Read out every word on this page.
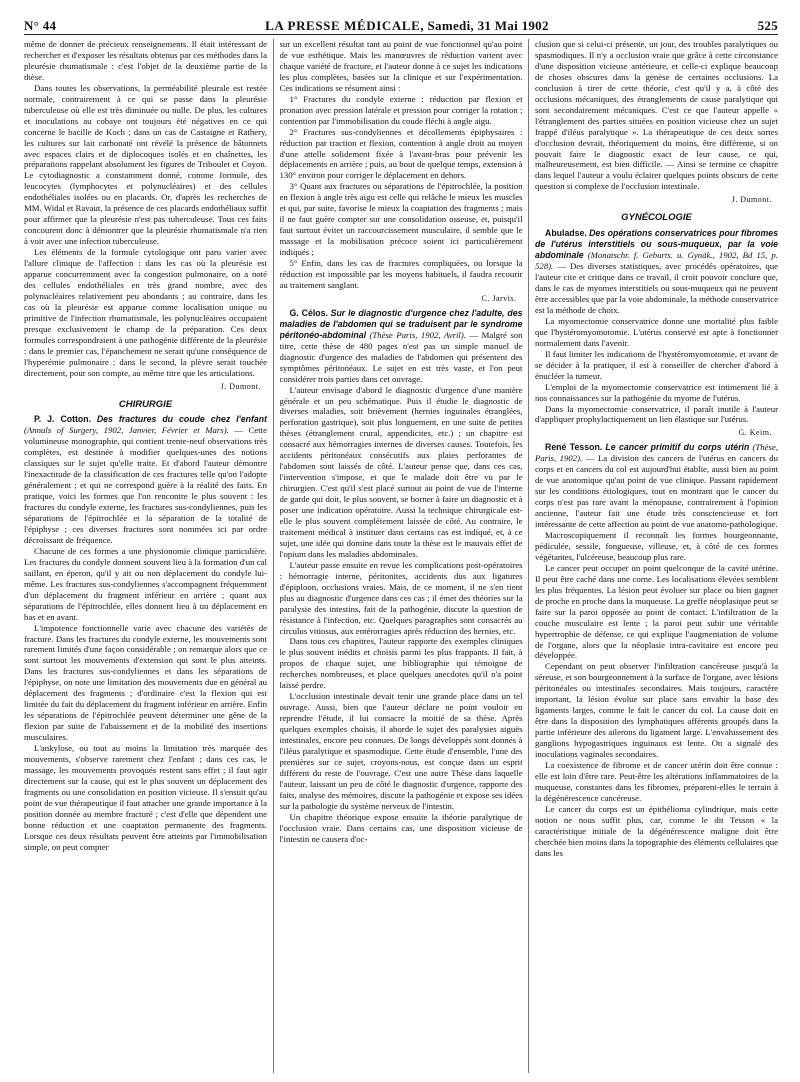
N° 44	LA PRESSE MÉDICALE, Samedi, 31 Mai 1902	525

même de donner de précieux renseignements. Il était intéressant de rechercher et d'exposer les résultats obtenus par ces méthodes dans la pleurésie rhumatismale : c'est l'objet de la deuxième partie de la thèse.

Dans toutes les observations, la perméabilité pleurale est restée normale, contrairement à ce qui se passe dans la pleurésie tuberculeuse où elle est très diminuée ou nulle. De plus, les cultures et inoculations au cobaye ont toujours été négatives en ce qui concerne le bacille de Koch ; dans un cas de Castaigne et Rathery, les cultures sur lait carbonaté ont révélé la présence de bâtonnets avec espaces clairs et de diplocoques isolés et en chaînettes, les préparations rappelant absolument les figures de Triboulet et Coyon. Le cytodiagnostic a constamment donné, comme formule, des leucocytes (lymphocytes et polynucléaires) et des cellules endothéliales isolées ou en placards. Or, d'après les recherches de MM. Widal et Ravaut, la présence de ces placards endothéliaux suffit pour affirmer que la pleurésie n'est pas tuberculeuse. Tous ces faits concourent donc à démontrer que la pleurésie rhumatismale n'a rien à voir avec une infection tuberculeuse.

Les éléments de la formule cytologique ont paru varier avec l'allure clinique de l'affection : dans les cas où la pleurésie est apparue concurremment avec la congestion pulmonaire, on a noté des cellules endothéliales en très grand nombre, avec des polynucléaires relativement peu abondants ; au contraire, dans les cas où la pleurésie est apparue comme localisation unique ou primitive de l'infection rhumatismale, les polynucléaires occupaient presque exclusivement le champ de la préparation. Ces deux formules correspondraient à une pathogénie différente de la pleurésie : dans le premier cas, l'épanchement ne serait qu'une conséquence de l'hyperémie pulmonaire ; dans le second, la plèvre serait touchée directement, pour son compte, au même titre que les articulations.

J. Dumont.
CHIRURGIE

P. J. Cotton. Des fractures du coude chez l'enfant (Annals of Surgery, 1902, Janvier, Février et Mars). — Cette volumineuse monographie, qui contient trente-neuf observations très complètes, est destinée à modifier quelques-unes des notions classiques sur le sujet qu'elle traite. Et d'abord l'auteur démontre l'inexactitude de la classification de ces fractures telle qu'on l'adopte généralement ; et qui ne correspond guère à la réalité des faits. En pratique, voici les formes que l'on rencontre le plus souvent : les fractures du condyle externe, les fractures sus-condyliennes, puis les séparations de l'épitrochlée et la séparation de la totalité de l'épiphyse ; ces diverses fractures sont nommées ici par ordre décroissant de fréquence.

Chacune de ces formes a une physionomie clinique particulière. Les fractures du condyle donnent souvent lieu à la formation d'un cal saillant, en éperon, qu'il y ait ou non déplacement du condyle lui-même. Les fractures sus-condyliennes s'accompagnent fréquemment d'un déplacement du fragment inférieur en arrière ; quant aux séparations de l'épitrochlée, elles donnent lieu à un déplacement en bas et en avant.

L'impotence fonctionnelle varie avec chacune des variétés de fracture. Dans les fractures du condyle externe, les mouvements sont rarement limités d'une façon considérable ; on remarque alors que ce sont surtout les mouvements d'extension qui sont le plus atteints. Dans les fractures sus-condyliennes et dans les séparations de l'épiphyse, on note une limitation des mouvements due en général au déplacement des fragments ; d'ordinaire c'est la flexion qui est limitée du fait du déplacement du fragment inférieur en arrière. Enfin les séparations de l'épitrochlée peuvent déterminer une gêne de la flexion par suite de l'abaissement et de la mobilité des insertions musculaires.

L'ankylose, ou tout au moins la limitation très marquée des mouvements, s'observe rarement chez l'enfant ; dans ces cas, le massage, les mouvements provoqués restent sans effet ; il faut agir directement sur la cause, qui est le plus souvent un déplacement des fragments ou une consolidation en position vicieuse. Il s'ensuit qu'au point de vue thérapeutique il faut attacher une grande importance à la position donnée au membre fracturé ; c'est d'elle que dépendent une bonne réduction et une coaptation permanente des fragments. Lorsque ces deux résultats peuvent être atteints par l'immobilisation simple, on peut compter

sur un excellent résultat tant au point de vue fonctionnel qu'au point de vue esthétique. Mais les manœuvres de réduction varient avec chaque variété de fracture, et l'auteur donne à ce sujet les indications les plus complètes, basées sur la clinique et sur l'expérimentation. Ces indications se résument ainsi :

1° Fractures du condyle externe : réduction par flexion et pronation avec pression latérale et pression pour corriger la rotation ; contention par l'immobilisation du coude fléchi à angle aigu.

2° Fractures sus-condyliennes et décollements épiphysaires : réduction par traction et flexion, contention à angle droit au moyen d'une attelle solidement fixée à l'avant-bras pour prévenir les déplacements en arrière ; puis, au bout de quelque temps, extension à 130° environ pour corriger le déplacement en dehors.

3° Quant aux fractures ou séparations de l'épitrochlée, la position en flexion à angle très aigu est celle qui relâche le mieux les muscles et qui, par suite, favorise le mieux la coaptation des fragments ; mais il ne faut guère compter sur une consolidation osseuse, et, puisqu'il faut surtout éviter un raccourcissement musculaire, il semble que le massage et la mobilisation précoce soient ici particulièrement indiqués ;

5° Enfin, dans les cas de fractures compliquées, ou lorsque la réduction est impossible par les moyens habituels, il faudra recourir au traitement sanglant.

C. Jarvis.

G. Célos. Sur le diagnostic d'urgence chez l'adulte, des maladies de l'abdomen qui se traduisent par le syndrome péritonéo-abdominal (Thèse Paris, 1902, Avril). — Malgré son titre, cette thèse de 480 pages n'est pas un simple manuel de diagnostic d'urgence des maladies de l'abdomen qui présentent des symptômes péritonéaux. Le sujet en est très vaste, et l'on peut considérer trois parties dans cet ouvrage.

L'auteur envisage d'abord le diagnostic d'urgence d'une manière générale et un peu schématique. Puis il étudie le diagnostic de diverses maladies, soit brièvement (hernies inguinales étranglées, perforation gastrique), soit plus longuement, en une suite de petites thèses (étranglement crural, appendicites, etc.) ; un chapitre est consacré aux hémorragies internes de diverses causes. Toutefois, les accidents péritonéaux consécutifs aux plaies perforantes de l'abdomen sont laissés de côté. L'auteur pense que, dans ces cas, l'intervention s'impose, et que le malade doit être vu par le chirurgien. C'est qu'il s'est placé surtout au point de vue de l'interne de garde qui doit, le plus souvent, se borner à faire un diagnostic et à poser une indication opératoire. Aussi la technique chirurgicale est-elle le plus souvent complètement laissée de côté. Au contraire, le traitement médical à instituer dans certains cas est indiqué, et, à ce sujet, une idée qui domine dans toute la thèse est le mauvais effet de l'opium dans les maladies abdominales.

L'auteur passe ensuite en revue les complications post-opératoires : hémorragie interne, péritonites, accidents dus aux ligatures d'épiploon, occlusions vraies. Mais, de ce moment, il ne s'en tient plus au diagnostic d'urgence dans ces cas ; il émet des théories sur la paralysie des intestins, fait de la pathogénie, discute la question de résistance à l'infection, etc. Quelques paragraphes sont consacrés au circulus vitiosus, aux entérorragies après réduction des hernies, etc.

Dans tous ces chapitres, l'auteur rapporte des exemples cliniques le plus souvent inédits et choisis parmi les plus frappants. Il fait, à propos de chaque sujet, une bibliographie qui témoigne de recherches nombreuses, et place quelques anecdotes qu'il n'a point laissé perdre.

L'occlusion intestinale devait tenir une grande place dans un tel ouvrage. Aussi, bien que l'auteur déclare ne point vouloir en reprendre l'étude, il lui consacre la moitié de sa thèse. Après quelques exemples choisis, il aborde le sujet des paralysies aiguës intestinales, encore peu connues. De longs développés sont donnés à l'iléus paralytique et spasmodique. Cette étude d'ensemble, l'une des premières sur ce sujet, croyons-nous, est conçue dans un esprit différent du reste de l'ouvrage. C'est une autre Thèse dans laquelle l'auteur, laissant un peu de côté le diagnostic d'urgence, rapporte des faits, analyse des mémoires, discute la pathogénie et expose ses idées sur la pathologie du système nerveux de l'intestin.

Un chapitre théorique expose ensuite la théorie paralytique de l'occlusion vraie. Dans certains cas, une disposition vicieuse de l'intestin ne causera d'oc-

clusion que si celui-ci présente, un jour, des troubles paralytiques ou spasmodiques. Il n'y a occlusion vraie que grâce à cette circonstance d'une disposition vicieuse antérieure, et celle-ci explique beaucoup de choses obscures dans la genèse de certaines occlusions. La conclusion à tirer de cette théorie, c'est qu'il y a, à côté des occlusions mécaniques, des étranglements de cause paralytique qui sont secondairement mécaniques. C'est ce que l'auteur appelle « l'étranglement des parties situées en position vicieuse chez un sujet frappé d'iléus paralytique ». La thérapeutique de ces deux sortes d'occlusion devrait, théoriquement du moins, être différente, si on pouvait faire le diagnostic exact de leur cause, ce qui, malheureusement, est bien difficile. — Ainsi se termine ce chapitre dans lequel l'auteur a voulu éclairer quelques points obscurs de cette question si complexe de l'occlusion intestinale.

J. Dumont.
GYNÉCOLOGIE

Abuladse. Des opérations conservatrices pour fibromes de l'utérus interstitiels ou sous-muqueux, par la voie abdominale (Monatschr. f. Geburts. u. Gynäk., 1902, Bd 15, p. 528). — Des diverses statistiques, avec procédés opératoires, que l'auteur cite et critique dans ce travail, il croit pouvoir conclure que, dans le cas de myomes interstitiels ou sous-muqueux qui ne peuvent être accessibles que par la voie abdominale, la méthode conservatrice est la méthode de choix.

La myomectomie conservatrice donne une mortalité plus faible que l'hystéromyomotomie. L'utérus conservé est apte à fonctionner normalement dans l'avenir.

Il faut limiter les indications de l'hystéromyomotomie, et avant de se décider à la pratiquer, il est à conseiller de chercher d'abord à énucléer la tumeur.

L'emploi de la myomectomie conservatrice est intimement lié à nos connaissances sur la pathogénie du myome de l'utérus.

Dans la myomectomie conservatrice, il paraît inutile à l'auteur d'appliquer prophylactiquement un lien élastique sur l'utérus.

G. Keim.

René Tesson. Le cancer primitif du corps utérin (Thèse, Paris, 1902). — La division des cancers de l'utérus en cancers du corps et en cancers du col est aujourd'hui établie, aussi bien au point de vue anatomique qu'au point de vue clinique. Passant rapidement sur les conditions étiologiques, tout en montrant que le cancer du corps n'est pas rare avant la ménopause, contrairement à l'opinion ancienne, l'auteur fait une étude très consciencieuse et fort intéressante de cette affection au point de vue anatomo-pathologique.

Macroscopiquement il reconnaît les formes bourgeonnante, pédiculée, sessile, fongueuse, villeuse, et, à côté de ces formes végétantes, l'ulcéreuse, beaucoup plus rare.

Le cancer peut occuper un point quelconque de la cavité utérine. Il peut être caché dans une corne. Les localisations élevées semblent les plus fréquentes. La lésion peut évoluer sur place ou bien gagner de proche en proche dans la muqueuse. La greffe néoplasique peut se faire sur la paroi opposée au point de contact. L'infiltration de la couche musculaire est lente ; la paroi peut subir une véritable hypertrophie de défense, ce qui explique l'augmentation de volume de l'organe, alors que la néoplasie intra-cavitaire est encore peu développée.

Cependant on peut observer l'infiltration cancéreuse jusqu'à la séreuse, et son bourgeonnement à la surface de l'organe, avec lésions péritonéales ou intestinales secondaires. Mais toujours, caractère important, la lésion évolue sur place sans envahir la base des ligaments larges, comme le fait le cancer du col. La cause doit en être dans la disposition des lymphatiques afférents groupés dans la partie inférieure des ailerons du ligament large. L'envahissement des ganglions hypogastriques inguinaux est lente. On a signalé des inoculations vaginales secondaires.

La coexistence de fibrome et de cancer utérin doit être connue : elle est loin d'être rare. Peut-être les altérations inflammatoires de la muqueuse, constantes dans les fibromes, préparent-elles le terrain à la dégénérescence cancéreuse.

Le cancer du corps est un épithélioma cylindrique, mais cette notion ne nous suffit plus, car, comme le dit Tesson « la caractéristique initiale de la dégénérescence maligne doit être cherchée bien moins dans la topographie des éléments cellulaires que dans les
